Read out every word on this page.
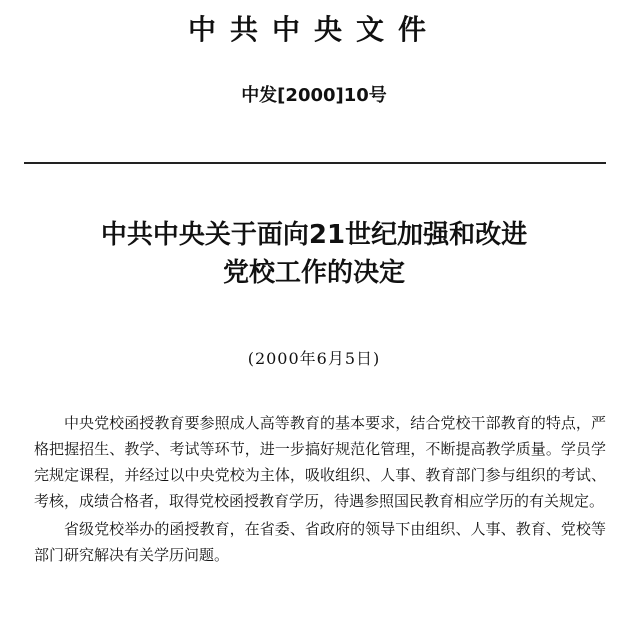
中共中央文件
中发[2000]10号
中共中央关于面向21世纪加强和改进
党校工作的决定
(2000年6月5日)

中央党校函授教育要参照成人高等教育的基本要求，结合党校干部教育的特点，严格把握招生、教学、考试等环节，进一步搞好规范化管理，不断提高教学质量。学员学完规定课程，并经过以中央党校为主体，吸收组织、人事、教育部门参与组织的考试、考核，成绩合格者，取得党校函授教育学历，待遇参照国民教育相应学历的有关规定。

省级党校举办的函授教育，在省委、省政府的领导下由组织、人事、教育、党校等部门研究解决有关学历问题。
